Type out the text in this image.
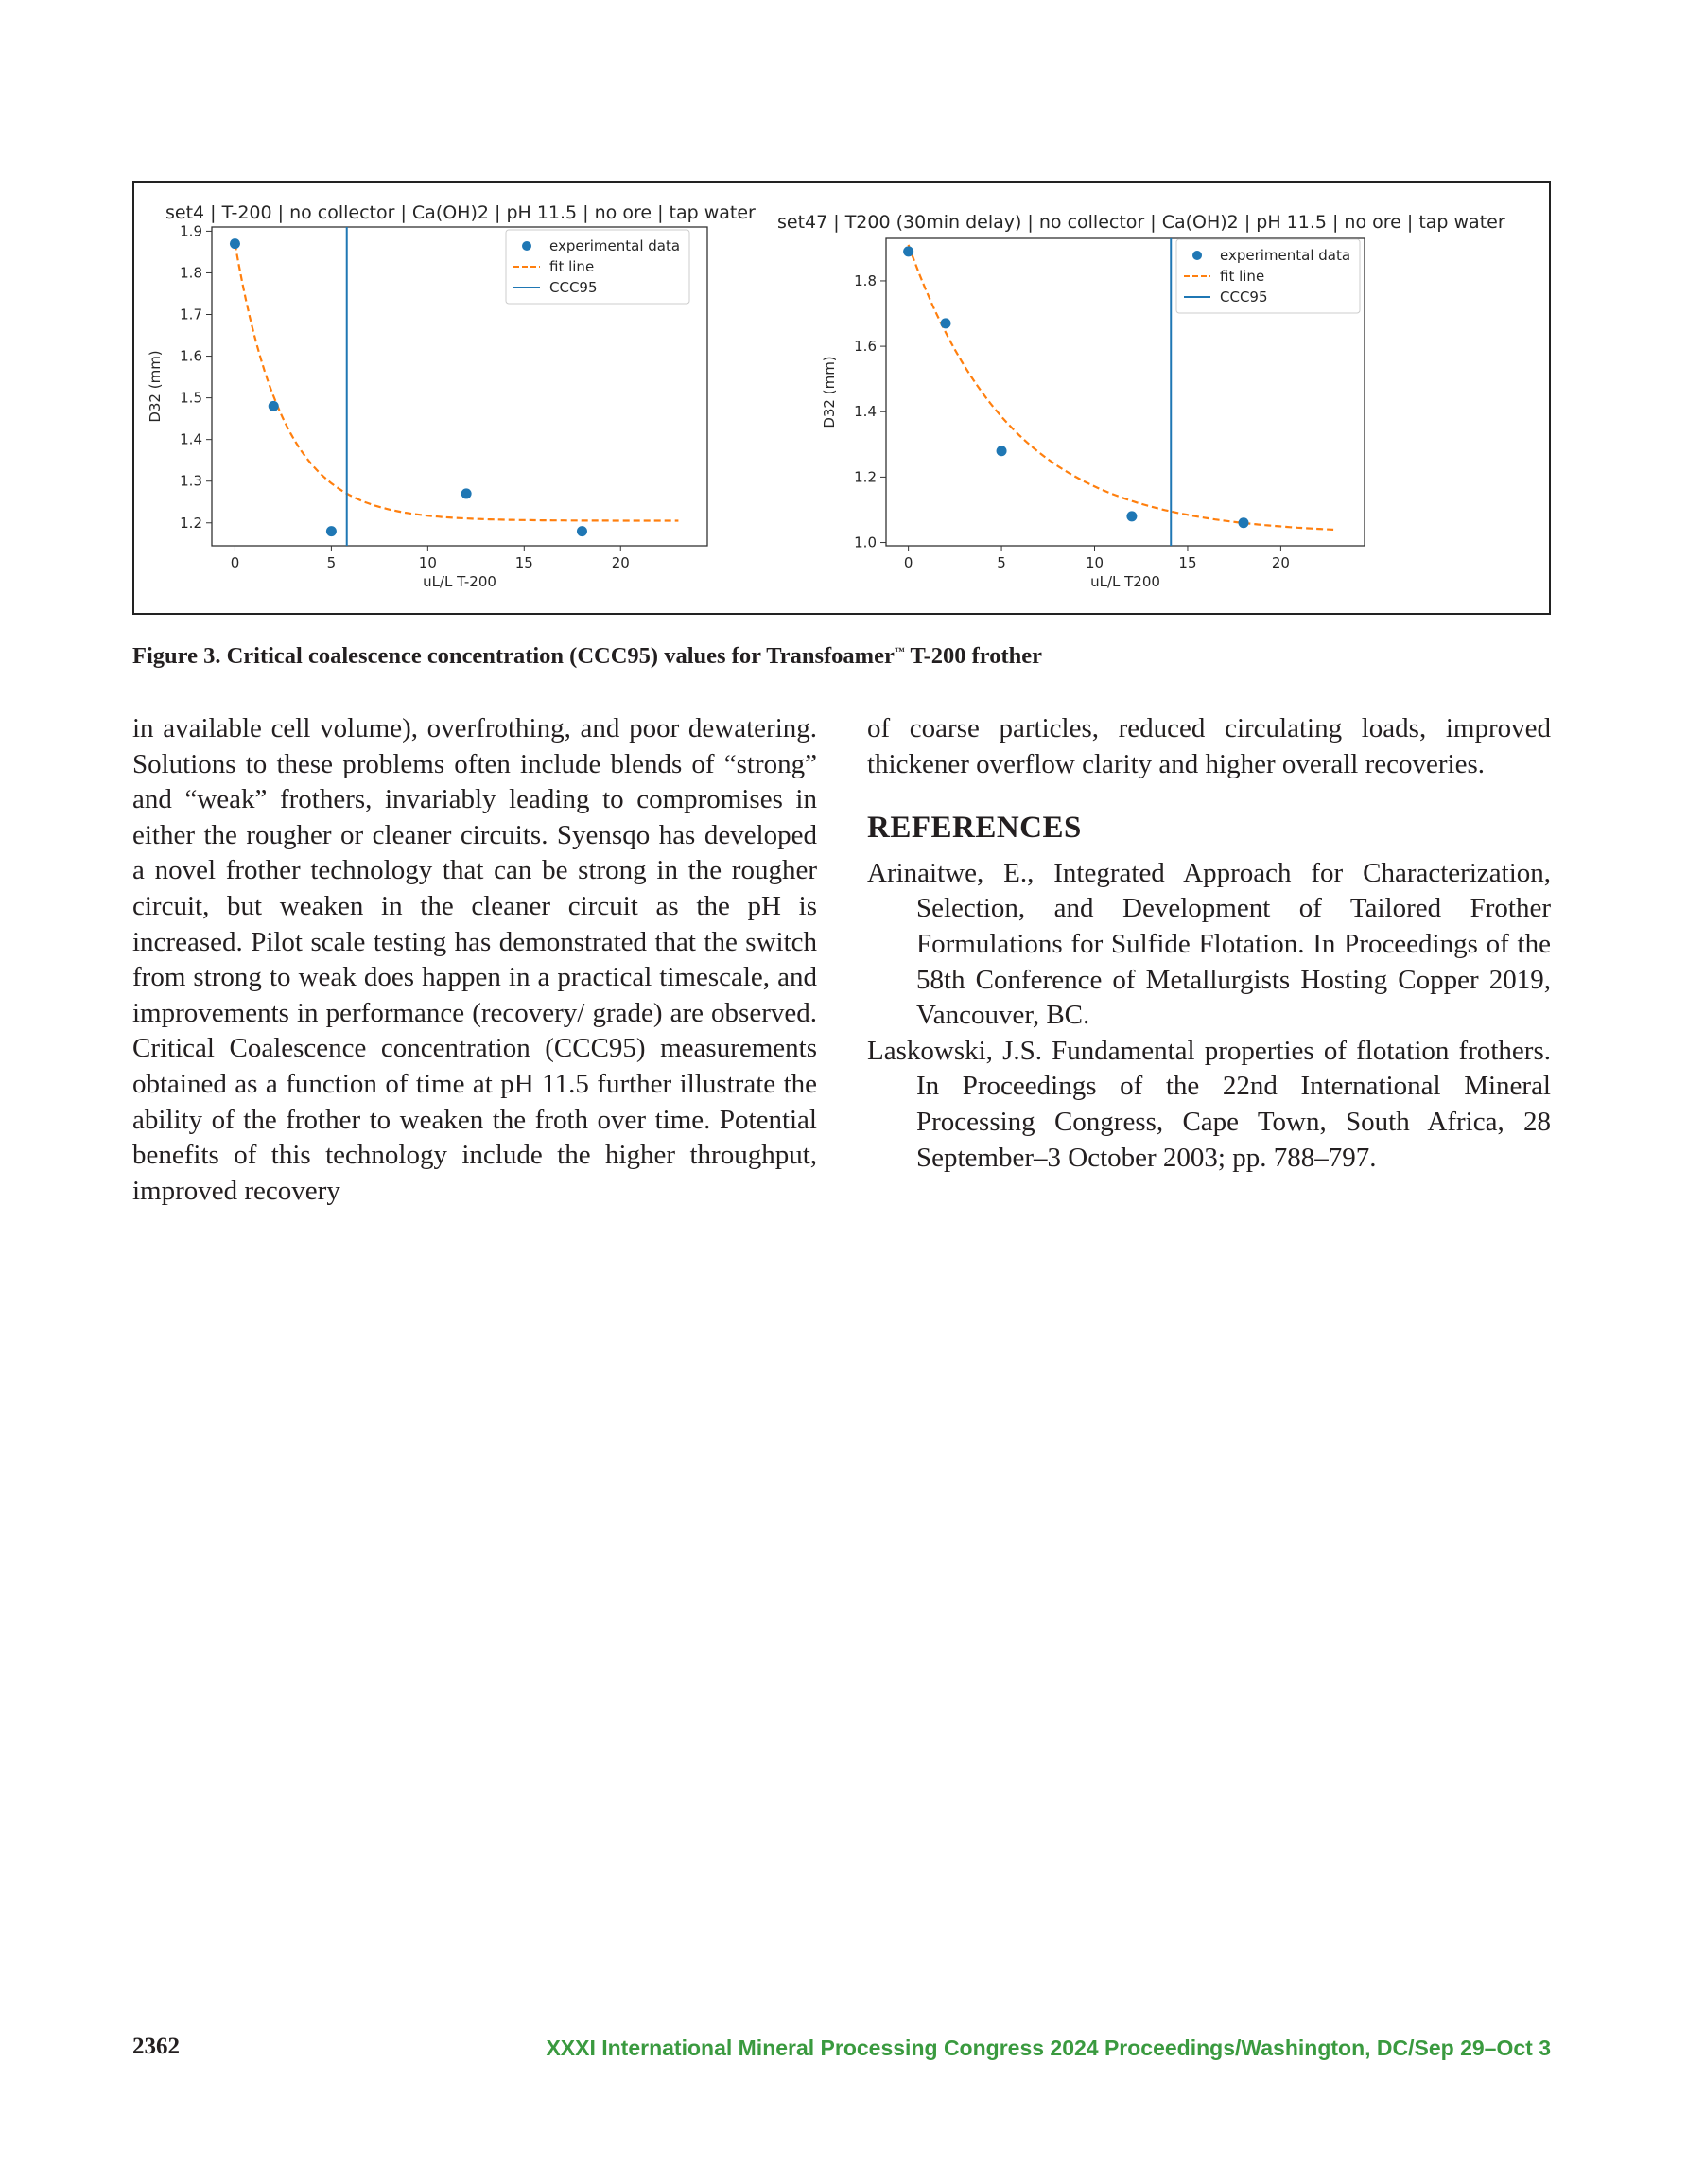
set4 | T-200 | no collector | Ca(OH)2 | pH 11.5 | no ore | tap water
0	5	10	15	20
1.2
1.3
1.4
1.5
1.6
1.7
1.8
1.9
uL/L T-200
D32 (mm)
experimental data
fit line
CCC95
set47 | T200 (30min delay) | no collector | Ca(OH)2 | pH 11.5 | no ore | tap water
0	5	10	15	20
1.0
1.2
1.4
1.6
1.8
uL/L T200
D32 (mm)
experimental data
fit line
CCC95
Figure 3. Critical coalescence concentration (CCC95) values for Transfoamer™ T-200 frother

in available cell volume), overfrothing, and poor dewatering. Solutions to these problems often include blends of “strong” and “weak” frothers, invariably leading to compromises in either the rougher or cleaner circuits. Syensqo has developed a novel frother technology that can be strong in the rougher circuit, but weaken in the cleaner circuit as the pH is increased. Pilot scale testing has demonstrated that the switch from strong to weak does happen in a practical timescale, and improvements in performance (recovery/ grade) are observed. Critical Coalescence concentration (CCC95) measurements obtained as a function of time at pH 11.5 further illustrate the ability of the frother to weaken the froth over time. Potential benefits of this technology include the higher throughput, improved recovery

of coarse particles, reduced circulating loads, improved thickener overflow clarity and higher overall recoveries.

REFERENCES

Arinaitwe, E., Integrated Approach for Characterization, Selection, and Development of Tailored Frother Formulations for Sulfide Flotation. In Proceedings of the 58th Conference of Metallurgists Hosting Copper 2019, Vancouver, BC.

Laskowski, J.S. Fundamental properties of flotation frothers. In Proceedings of the 22nd International Mineral Processing Congress, Cape Town, South Africa, 28 September–3 October 2003; pp. 788–797.

2362	XXXI International Mineral Processing Congress 2024 Proceedings/Washington, DC/Sep 29–Oct 3
